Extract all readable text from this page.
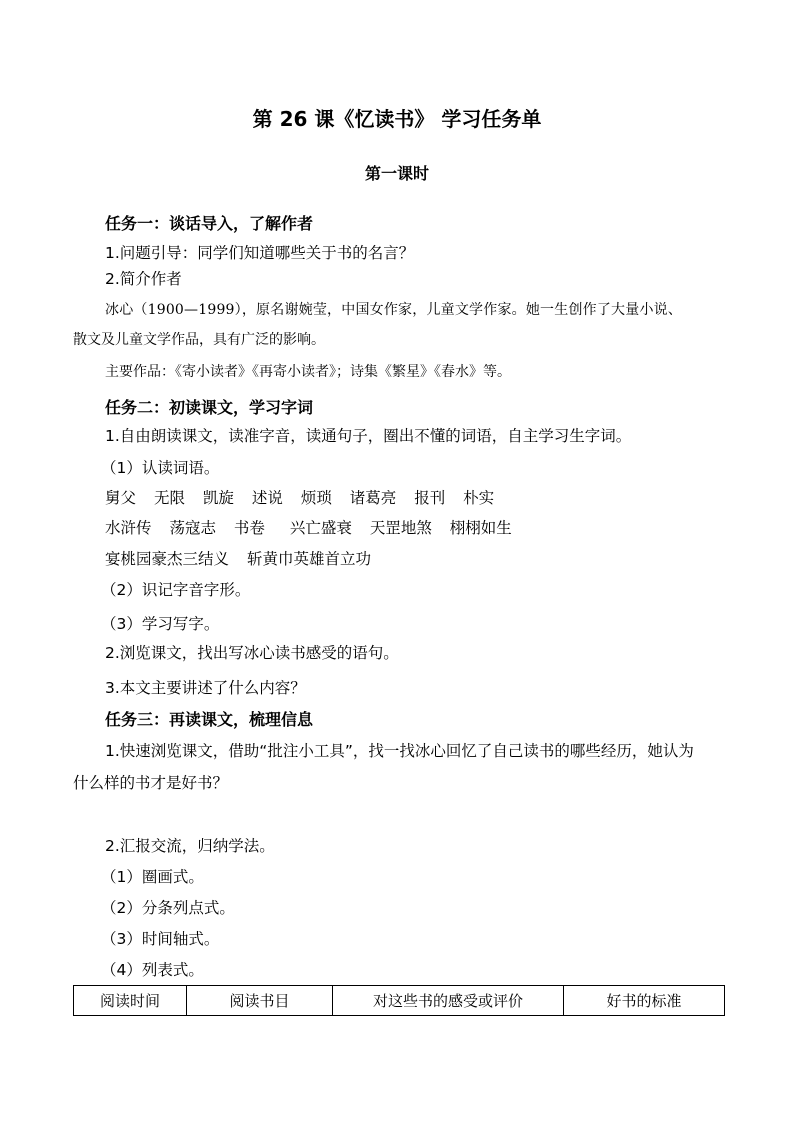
第 26 课《忆读书》 学习任务单
第一课时
任务一：谈话导入，了解作者
1.问题引导：同学们知道哪些关于书的名言？
2.简介作者
冰心（1900—1999），原名谢婉莹，中国女作家，儿童文学作家。她一生创作了大量小说、
散文及儿童文学作品，具有广泛的影响。
主要作品：《寄小读者》《再寄小读者》；诗集《繁星》《春水》等。
任务二：初读课文，学习字词
1.自由朗读课文，读准字音，读通句子，圈出不懂的词语，自主学习生字词。
（1）认读词语。
舅父 无限 凯旋 述说 烦琐 诸葛亮 报刊 朴实
水浒传 荡寇志 书卷 兴亡盛衰 天罡地煞 栩栩如生
宴桃园豪杰三结义 斩黄巾英雄首立功
（2）识记字音字形。
（3）学习写字。
2.浏览课文，找出写冰心读书感受的语句。
3.本文主要讲述了什么内容？
任务三：再读课文，梳理信息
1.快速浏览课文，借助“批注小工具”，找一找冰心回忆了自己读书的哪些经历，她认为
什么样的书才是好书？
2.汇报交流，归纳学法。
（1）圈画式。
（2）分条列点式。
（3）时间轴式。
（4）列表式。
阅读时间	阅读书目	对这些书的感受或评价	好书的标准
